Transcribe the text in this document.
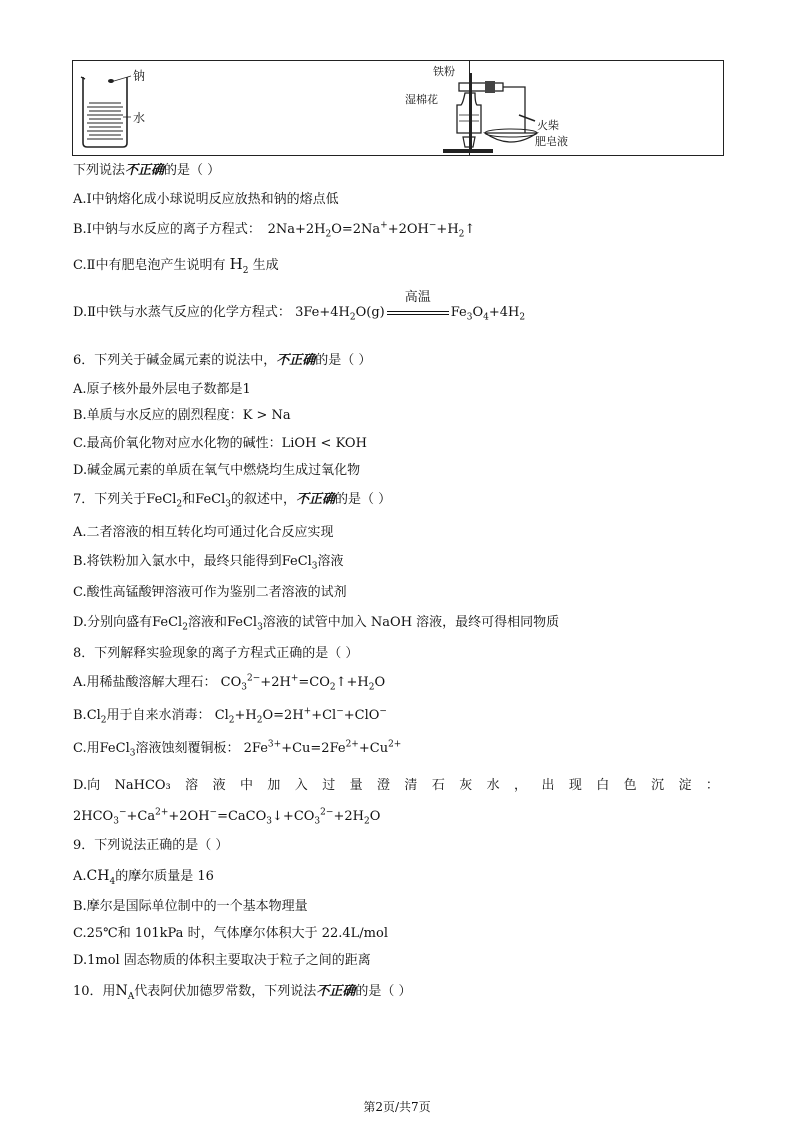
钠
水
铁粉
湿棉花
火柴
肥皂液
下列说法不正确的是（ ）
A.Ⅰ中钠熔化成小球说明反应放热和钠的熔点低
B.Ⅰ中钠与水反应的离子方程式：  $2Na+2H_2O=2Na^++2OH^-+H_2↑$
C.Ⅱ中有肥皂泡产生说明有 $H_2$ 生成
D.Ⅱ中铁与水蒸气反应的化学方程式： $3Fe+4H_2O(g)$
高温
$Fe_3O_4+4H_2$
6．下列关于碱金属元素的说法中，不正确的是（ ）
A.原子核外最外层电子数都是1
B.单质与水反应的剧烈程度：K > Na
C.最高价氧化物对应水化物的碱性：LiOH < KOH
D.碱金属元素的单质在氧气中燃烧均生成过氧化物
7．下列关于FeCl$_2$和FeCl$_3$的叙述中，不正确的是（ ）
A.二者溶液的相互转化均可通过化合反应实现
B.将铁粉加入氯水中，最终只能得到FeCl$_3$溶液
C.酸性高锰酸钾溶液可作为鉴别二者溶液的试剂
D.分别向盛有FeCl$_2$溶液和FeCl$_3$溶液的试管中加入 NaOH 溶液，最终可得相同物质
8．下列解释实验现象的离子方程式正确的是（ ）
A.用稀盐酸溶解大理石： $CO_3^{2-}+2H^+=CO_2↑+H_2O$
$B.Cl_2$用于自来水消毒： $Cl_2+H_2O=2H^++Cl^-+ClO^-$
C.用FeCl$_3$溶液蚀刻覆铜板： $2Fe^{3+}+Cu=2Fe^{2+}+Cu^{2+}$
D.向 NaHCO₃ 溶 液 中 加 入 过 量 澄 清 石 灰 水 ， 出 现 白 色 沉 淀 ：
$2HCO_3^-+Ca^{2+}+2OH^-=CaCO_3↓+CO_3^{2-}+2H_2O$
9．下列说法正确的是（ ）
$A.CH_4$的摩尔质量是 16
B.摩尔是国际单位制中的一个基本物理量
C.25℃和 101kPa 时，气体摩尔体积大于 22.4L/mol
D.1mol 固态物质的体积主要取决于粒子之间的距离
10．用$N_A$代表阿伏加德罗常数，下列说法不正确的是（ ）
第2页/共7页
